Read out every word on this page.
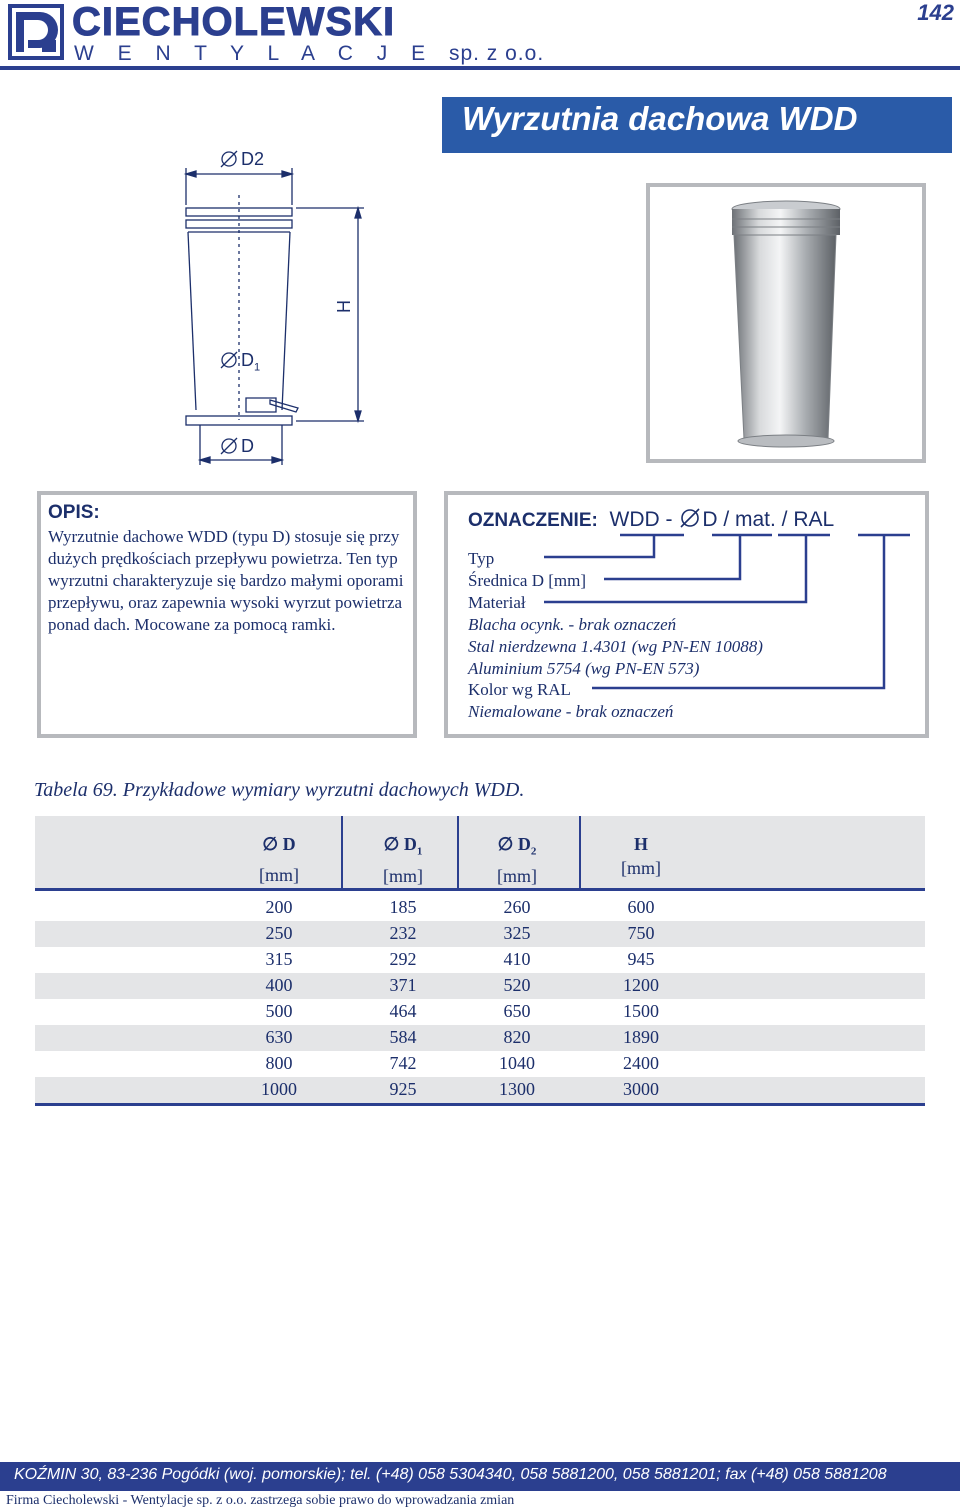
CIECHOLEWSKI
W E N T Y L A C J E sp. z o.o.
142
Wyrzutnia dachowa WDD
D2
H
$D_1$
D
OPIS:
Wyrzutnie dachowe WDD (typu D) stosuje się przy dużych prędkościach przepływu powietrza. Ten typ wyrzutni charakteryzuje się bardzo małymi oporami przepływu, oraz zapewnia wysoki wyrzut powietrza ponad dach. Mocowane za pomocą ramki.
OZNACZENIE: WDD - D / mat. / RAL
Typ
Średnica D [mm]
Materiał
Blacha ocynk. - brak oznaczeń
Stal nierdzewna 1.4301 (wg PN-EN 10088)
Aluminium 5754 (wg PN-EN 573)
Kolor wg RAL
Niemalowane - brak oznaczeń
Tabela 69. Przykładowe wymiary wyrzutni dachowych WDD.
∅ D
[mm]
∅ $D_1$
[mm]
∅ $D_2$
[mm]
H
[mm]
200	185	260	600
250	232	325	750
315	292	410	945
400	371	520	1200
500	464	650	1500
630	584	820	1890
800	742	1040	2400
1000	925	1300	3000
KOŹMIN 30, 83-236 Pogódki (woj. pomorskie); tel. (+48) 058 5304340, 058 5881200, 058 5881201; fax (+48) 058 5881208
Firma Ciecholewski - Wentylacje sp. z o.o. zastrzega sobie prawo do wprowadzania zmian
